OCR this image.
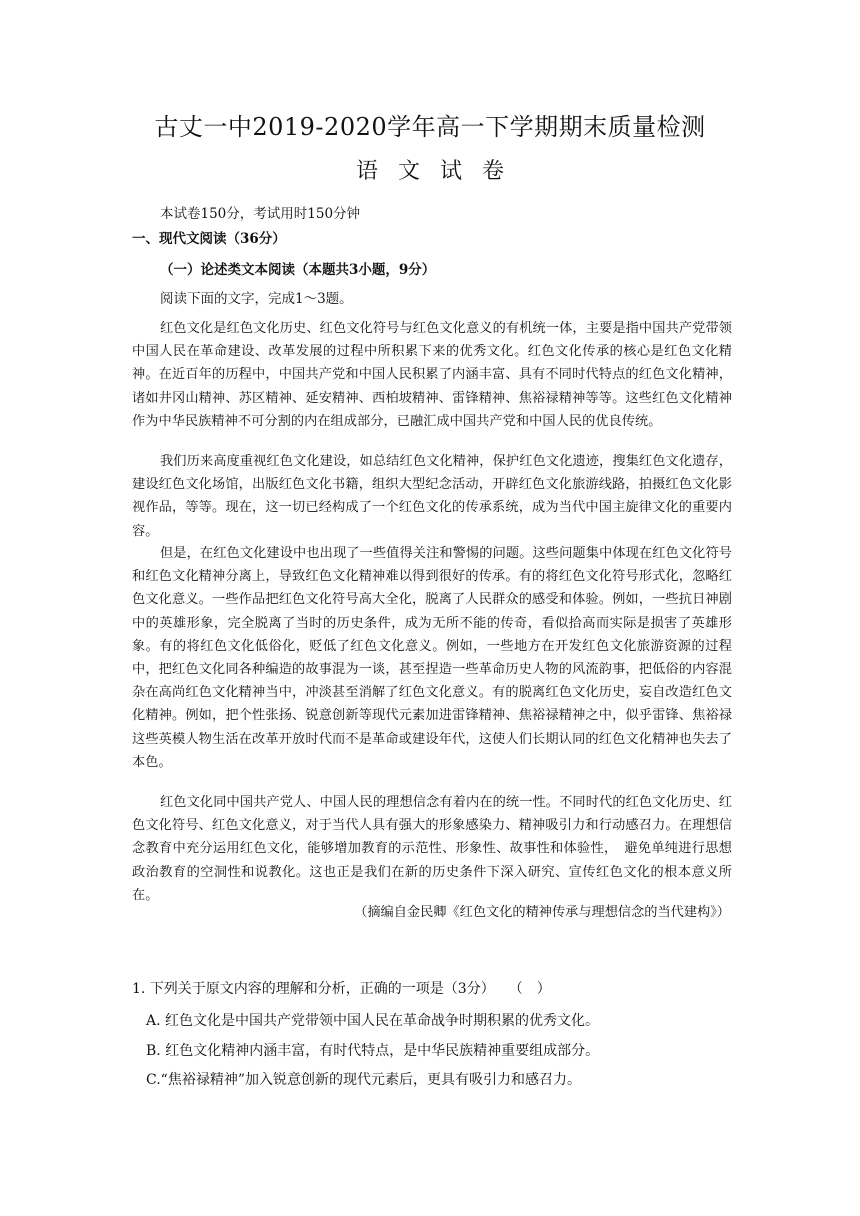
古丈一中2019-2020学年高一下学期期末质量检测
语文试卷
本试卷150分，考试用时150分钟
一、现代文阅读（36分）
（一）论述类文本阅读（本题共3小题，9分）
阅读下面的文字，完成1～3题。
红色文化是红色文化历史、红色文化符号与红色文化意义的有机统一体，主要是指中国共产党带领中国人民在革命建设、改革发展的过程中所积累下来的优秀文化。红色文化传承的核心是红色文化精神。在近百年的历程中，中国共产党和中国人民积累了内涵丰富、具有不同时代特点的红色文化精神，诸如井冈山精神、苏区精神、延安精神、西柏坡精神、雷锋精神、焦裕禄精神等等。这些红色文化精神作为中华民族精神不可分割的内在组成部分，已融汇成中国共产党和中国人民的优良传统。
我们历来高度重视红色文化建设，如总结红色文化精神，保护红色文化遗迹，搜集红色文化遗存，建设红色文化场馆，出版红色文化书籍，组织大型纪念活动，开辟红色文化旅游线路，拍摄红色文化影视作品，等等。现在，这一切已经构成了一个红色文化的传承系统，成为当代中国主旋律文化的重要内容。
但是，在红色文化建设中也出现了一些值得关注和警惕的问题。这些问题集中体现在红色文化符号和红色文化精神分离上，导致红色文化精神难以得到很好的传承。有的将红色文化符号形式化，忽略红色文化意义。一些作品把红色文化符号高大全化，脱离了人民群众的感受和体验。例如，一些抗日神剧中的英雄形象，完全脱离了当时的历史条件，成为无所不能的传奇，看似拾高而实际是损害了英雄形象。有的将红色文化低俗化，贬低了红色文化意义。例如，一些地方在开发红色文化旅游资源的过程中，把红色文化同各种编造的故事混为一谈，甚至捏造一些革命历史人物的风流韵事，把低俗的内容混杂在高尚红色文化精神当中，冲淡甚至消解了红色文化意义。有的脱离红色文化历史，妄自改造红色文化精神。例如，把个性张扬、锐意创新等现代元素加进雷锋精神、焦裕禄精神之中，似乎雷锋、焦裕禄这些英模人物生活在改革开放时代而不是革命或建设年代，这使人们长期认同的红色文化精神也失去了本色。
红色文化同中国共产党人、中国人民的理想信念有着内在的统一性。不同时代的红色文化历史、红色文化符号、红色文化意义，对于当代人具有强大的形象感染力、精神吸引力和行动感召力。在理想信念教育中充分运用红色文化，能够增加教育的示范性、形象性、故事性和体验性，　避免单纯进行思想政治教育的空洞性和说教化。这也正是我们在新的历史条件下深入研究、宣传红色文化的根本意义所在。
（摘编自金民卿《红色文化的精神传承与理想信念的当代建构》）
1. 下列关于原文内容的理解和分析，正确的一项是（3分）　　（　）
A. 红色文化是中国共产党带领中国人民在革命战争时期积累的优秀文化。
B. 红色文化精神内涵丰富，有时代特点，是中华民族精神重要组成部分。
C.“焦裕禄精神”加入锐意创新的现代元素后，更具有吸引力和感召力。
